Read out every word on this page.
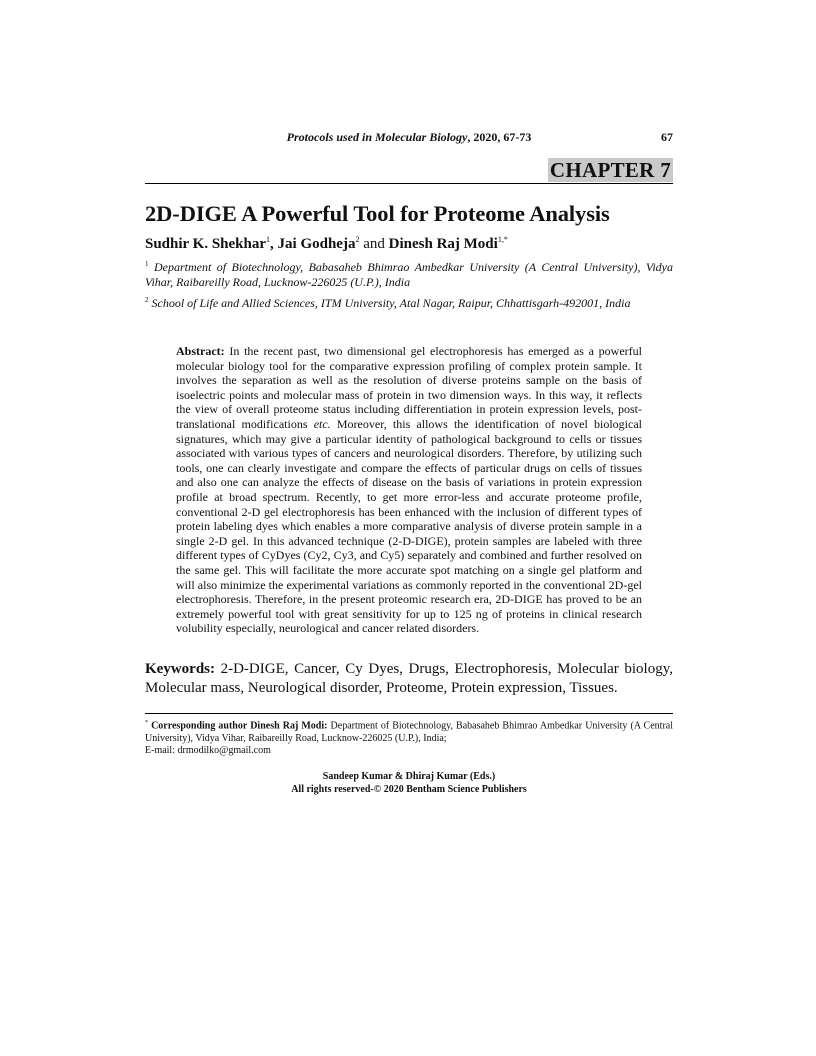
Protocols used in Molecular Biology, 2020, 67-73	67
CHAPTER 7
2D-DIGE A Powerful Tool for Proteome Analysis
Sudhir K. Shekhar$^1$, Jai Godheja$^2$ and Dinesh Raj Modi$^{1,*}$
$^1$ Department of Biotechnology, Babasaheb Bhimrao Ambedkar University (A Central University), Vidya Vihar, Raibareilly Road, Lucknow-226025 (U.P.), India
$^2$ School of Life and Allied Sciences, ITM University, Atal Nagar, Raipur, Chhattisgarh-492001, India
Abstract: In the recent past, two dimensional gel electrophoresis has emerged as a powerful molecular biology tool for the comparative expression profiling of complex protein sample. It involves the separation as well as the resolution of diverse proteins sample on the basis of isoelectric points and molecular mass of protein in two dimension ways. In this way, it reflects the view of overall proteome status including differentiation in protein expression levels, post-translational modifications etc. Moreover, this allows the identification of novel biological signatures, which may give a particular identity of pathological background to cells or tissues associated with various types of cancers and neurological disorders. Therefore, by utilizing such tools, one can clearly investigate and compare the effects of particular drugs on cells of tissues and also one can analyze the effects of disease on the basis of variations in protein expression profile at broad spectrum. Recently, to get more error-less and accurate proteome profile, conventional 2-D gel electrophoresis has been enhanced with the inclusion of different types of protein labeling dyes which enables a more comparative analysis of diverse protein sample in a single 2-D gel. In this advanced technique (2-D-DIGE), protein samples are labeled with three different types of CyDyes (Cy2, Cy3, and Cy5) separately and combined and further resolved on the same gel. This will facilitate the more accurate spot matching on a single gel platform and will also minimize the experimental variations as commonly reported in the conventional 2D-gel electrophoresis. Therefore, in the present proteomic research era, 2D-DIGE has proved to be an extremely powerful tool with great sensitivity for up to 125 ng of proteins in clinical research volubility especially, neurological and cancer related disorders.
Keywords: 2-D-DIGE, Cancer, Cy Dyes, Drugs, Electrophoresis, Molecular biology, Molecular mass, Neurological disorder, Proteome, Protein expression, Tissues.
* Corresponding author Dinesh Raj Modi: Department of Biotechnology, Babasaheb Bhimrao Ambedkar University (A Central University), Vidya Vihar, Raibareilly Road, Lucknow-226025 (U.P.), India;
E-mail: drmodilko@gmail.com
Sandeep Kumar & Dhiraj Kumar (Eds.)
All rights reserved-© 2020 Bentham Science Publishers
